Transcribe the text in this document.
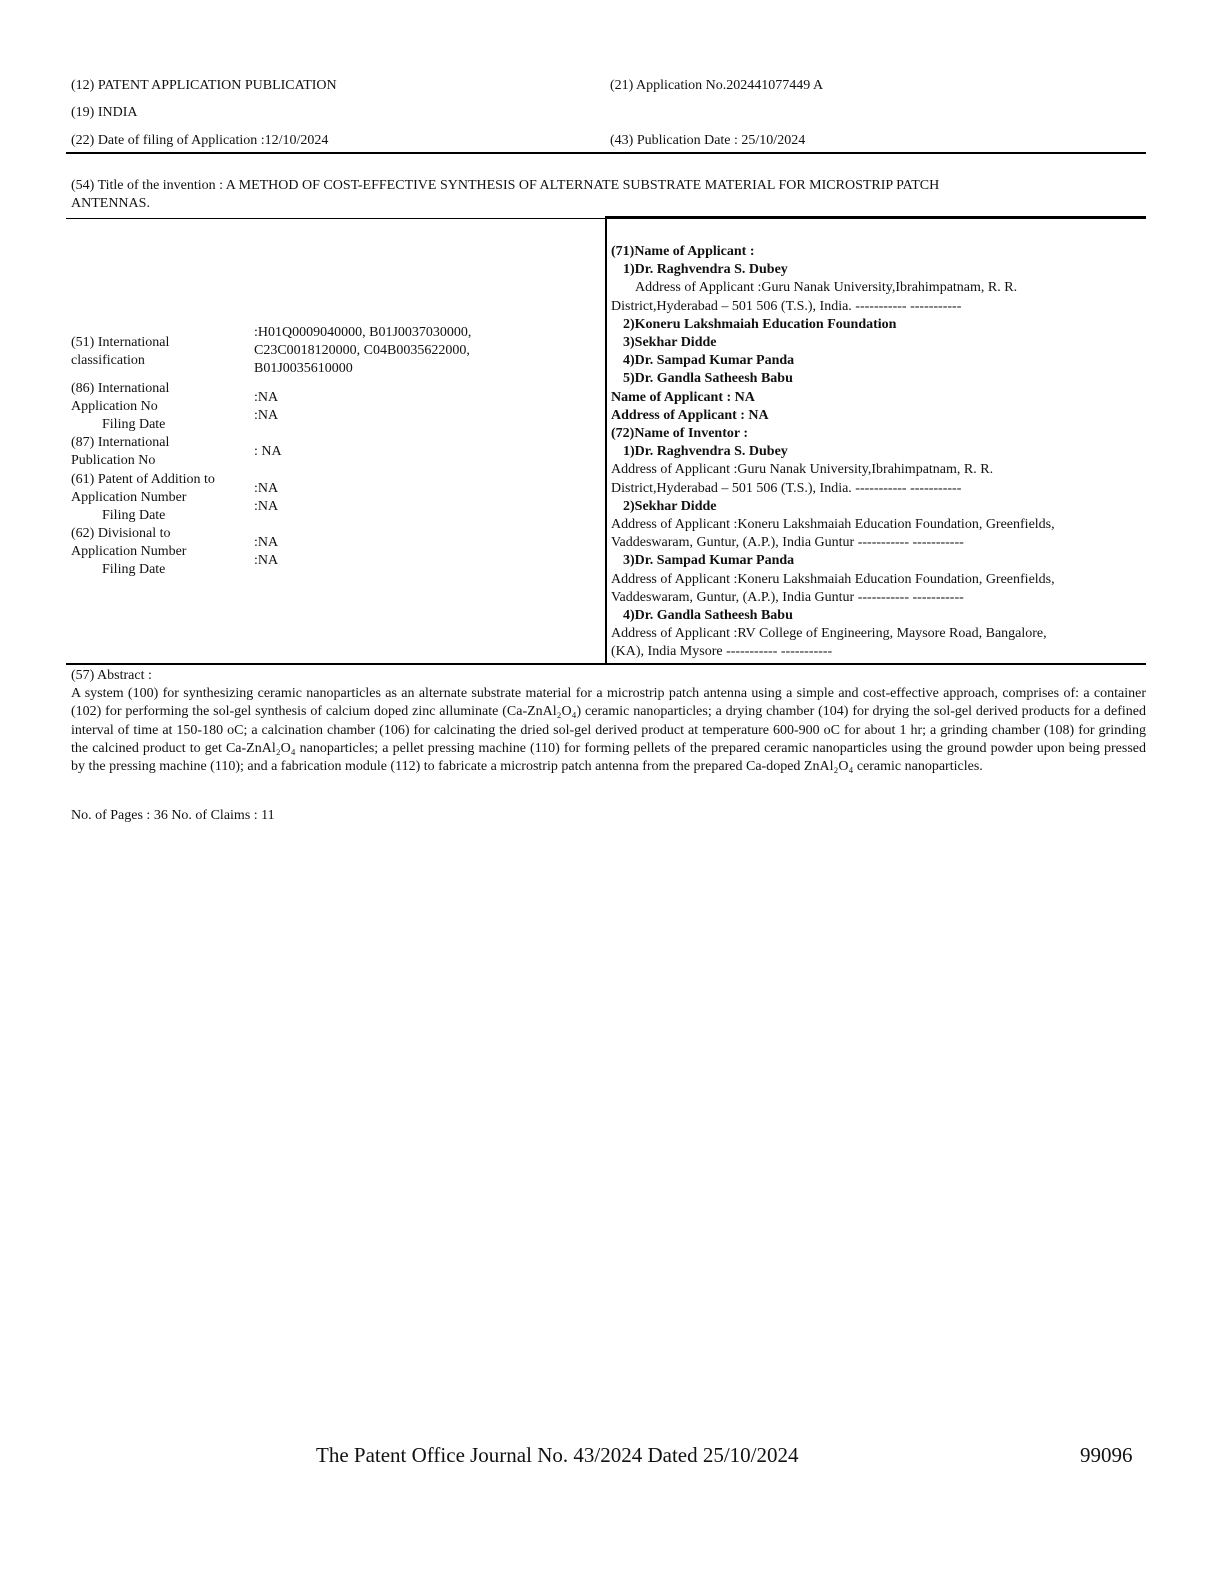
(12) PATENT APPLICATION PUBLICATION
(19) INDIA
(22) Date of filing of Application :12/10/2024
(21) Application No.202441077449 A
(43) Publication Date : 25/10/2024
(54) Title of the invention : A METHOD OF COST-EFFECTIVE SYNTHESIS OF ALTERNATE SUBSTRATE MATERIAL FOR MICROSTRIP PATCH
ANTENNAS.
(51) International
classification
:H01Q0009040000, B01J0037030000,
C23C0018120000, C04B0035622000,
B01J0035610000
(86) International
Application No
Filing Date
:NA
:NA
(87) International
Publication No
: NA
(61) Patent of Addition to
Application Number
Filing Date
:NA
:NA
(62) Divisional to
Application Number
Filing Date
:NA
:NA
(71)Name of Applicant :
1)Dr. Raghvendra S. Dubey
Address of Applicant :Guru Nanak University,Ibrahimpatnam, R. R.
District,Hyderabad – 501 506 (T.S.), India. ----------- -----------
2)Koneru Lakshmaiah Education Foundation
3)Sekhar Didde
4)Dr. Sampad Kumar Panda
5)Dr. Gandla Satheesh Babu
Name of Applicant : NA
Address of Applicant : NA
(72)Name of Inventor :
1)Dr. Raghvendra S. Dubey
Address of Applicant :Guru Nanak University,Ibrahimpatnam, R. R.
District,Hyderabad – 501 506 (T.S.), India. ----------- -----------
2)Sekhar Didde
Address of Applicant :Koneru Lakshmaiah Education Foundation, Greenfields,
Vaddeswaram, Guntur, (A.P.), India Guntur ----------- -----------
3)Dr. Sampad Kumar Panda
Address of Applicant :Koneru Lakshmaiah Education Foundation, Greenfields,
Vaddeswaram, Guntur, (A.P.), India Guntur ----------- -----------
4)Dr. Gandla Satheesh Babu
Address of Applicant :RV College of Engineering, Maysore Road, Bangalore,
(KA), India Mysore ----------- -----------
(57) Abstract :

A system (100) for synthesizing ceramic nanoparticles as an alternate substrate material for a microstrip patch antenna using a simple and cost-effective approach, comprises of: a container (102) for performing the sol-gel synthesis of calcium doped zinc alluminate (Ca-ZnAl₂O₄) ceramic nanoparticles; a drying chamber (104) for drying the sol-gel derived products for a defined interval of time at 150-180 oC; a calcination chamber (106) for calcinating the dried sol-gel derived product at temperature 600-900 oC for about 1 hr; a grinding chamber (108) for grinding the calcined product to get Ca-ZnAl₂O₄ nanoparticles; a pellet pressing machine (110) for forming pellets of the prepared ceramic nanoparticles using the ground powder upon being pressed by the pressing machine (110); and a fabrication module (112) to fabricate a microstrip patch antenna from the prepared Ca-doped ZnAl₂O₄ ceramic nanoparticles.

No. of Pages : 36 No. of Claims : 11
The Patent Office Journal No. 43/2024 Dated 25/10/2024	99096
